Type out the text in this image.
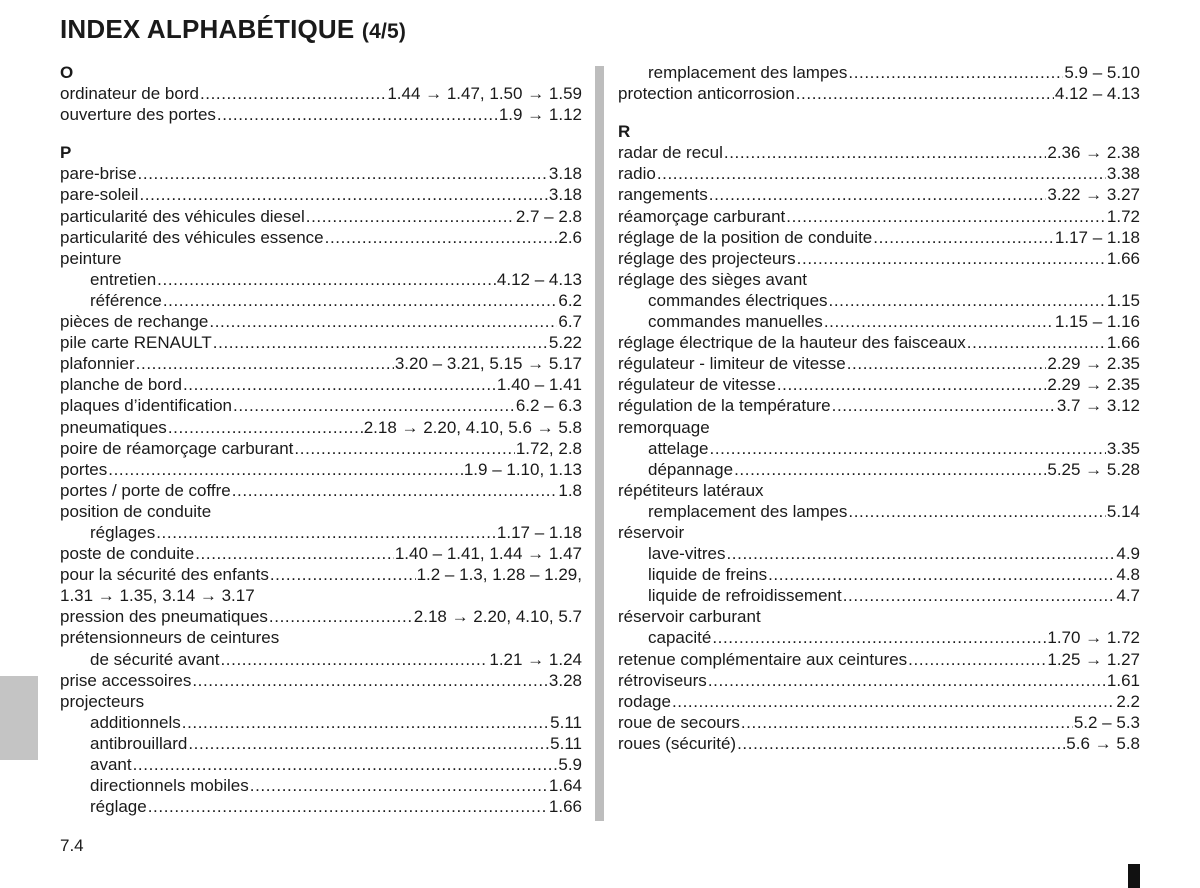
INDEX ALPHABÉTIQUE (4/5)
O
ordinateur de bord .....	1.44 → 1.47, 1.50 → 1.59
ouverture des portes .....	1.9 → 1.12
P
pare-brise .....	3.18
pare-soleil .....	3.18
particularité des véhicules diesel .....	2.7 – 2.8
particularité des véhicules essence .....	2.6
peinture
entretien .....	4.12 – 4.13
référence .....	6.2
pièces de rechange .....	6.7
pile carte RENAULT .....	5.22
plafonnier .....	3.20 – 3.21, 5.15 → 5.17
planche de bord .....	1.40 – 1.41
plaques d’identification .....	6.2 – 6.3
pneumatiques .....	2.18 → 2.20, 4.10, 5.6 → 5.8
poire de réamorçage carburant .....	1.72, 2.8
portes .....	1.9 – 1.10, 1.13
portes / porte de coffre .....	1.8
position de conduite
réglages .....	1.17 – 1.18
poste de conduite .....	1.40 – 1.41, 1.44 → 1.47
pour la sécurité des enfants .....	1.2 – 1.3, 1.28 – 1.29,
1.31 → 1.35, 3.14 → 3.17
pression des pneumatiques .....	2.18 → 2.20, 4.10, 5.7
prétensionneurs de ceintures
de sécurité avant .....	1.21 → 1.24
prise accessoires .....	3.28
projecteurs
additionnels .....	5.11
antibrouillard .....	5.11
avant .....	5.9
directionnels mobiles .....	1.64
réglage .....	1.66
remplacement des lampes .....	5.9 – 5.10
protection anticorrosion .....	4.12 – 4.13
R
radar de recul .....	2.36 → 2.38
radio .....	3.38
rangements .....	3.22 → 3.27
réamorçage carburant .....	1.72
réglage de la position de conduite .....	1.17 – 1.18
réglage des projecteurs .....	1.66
réglage des sièges avant
commandes électriques .....	1.15
commandes manuelles .....	1.15 – 1.16
réglage électrique de la hauteur des faisceaux .....	1.66
régulateur - limiteur de vitesse .....	2.29 → 2.35
régulateur de vitesse .....	2.29 → 2.35
régulation de la température .....	3.7 → 3.12
remorquage
attelage .....	3.35
dépannage .....	5.25 → 5.28
répétiteurs latéraux
remplacement des lampes .....	5.14
réservoir
lave-vitres .....	4.9
liquide de freins .....	4.8
liquide de refroidissement .....	4.7
réservoir carburant
capacité .....	1.70 → 1.72
retenue complémentaire aux ceintures .....	1.25 → 1.27
rétroviseurs .....	1.61
rodage .....	2.2
roue de secours .....	5.2 – 5.3
roues (sécurité) .....	5.6 → 5.8
7.4
